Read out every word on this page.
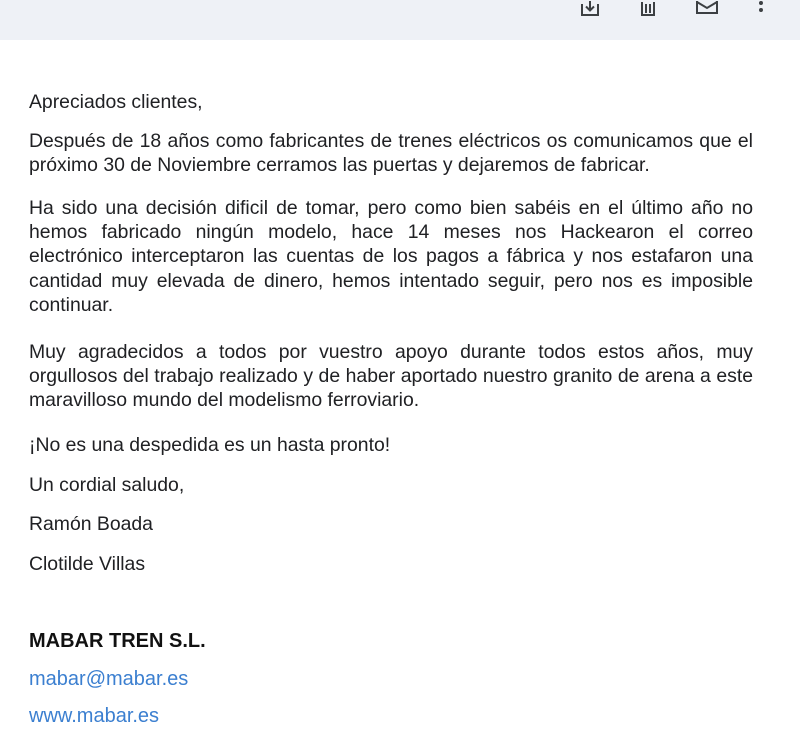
Apreciados clientes,

Después de 18 años como fabricantes de trenes eléctricos os comunicamos que el próximo 30 de Noviembre cerramos las puertas y dejaremos de fabricar.

Ha sido una decisión dificil de tomar, pero como bien sabéis en el último año no hemos fabricado ningún modelo, hace 14 meses nos Hackearon el correo electrónico interceptaron las cuentas de los pagos a fábrica y nos estafaron una cantidad muy elevada de dinero, hemos intentado seguir, pero nos es imposible continuar.

Muy agradecidos a todos por vuestro apoyo durante todos estos años, muy orgullosos del trabajo realizado y de haber aportado nuestro granito de arena a este maravilloso mundo del modelismo ferroviario.

¡No es una despedida es un hasta pronto!

Un cordial saludo,

Ramón Boada

Clotilde Villas

MABAR TREN S.L.
mabar@mabar.es
www.mabar.es
